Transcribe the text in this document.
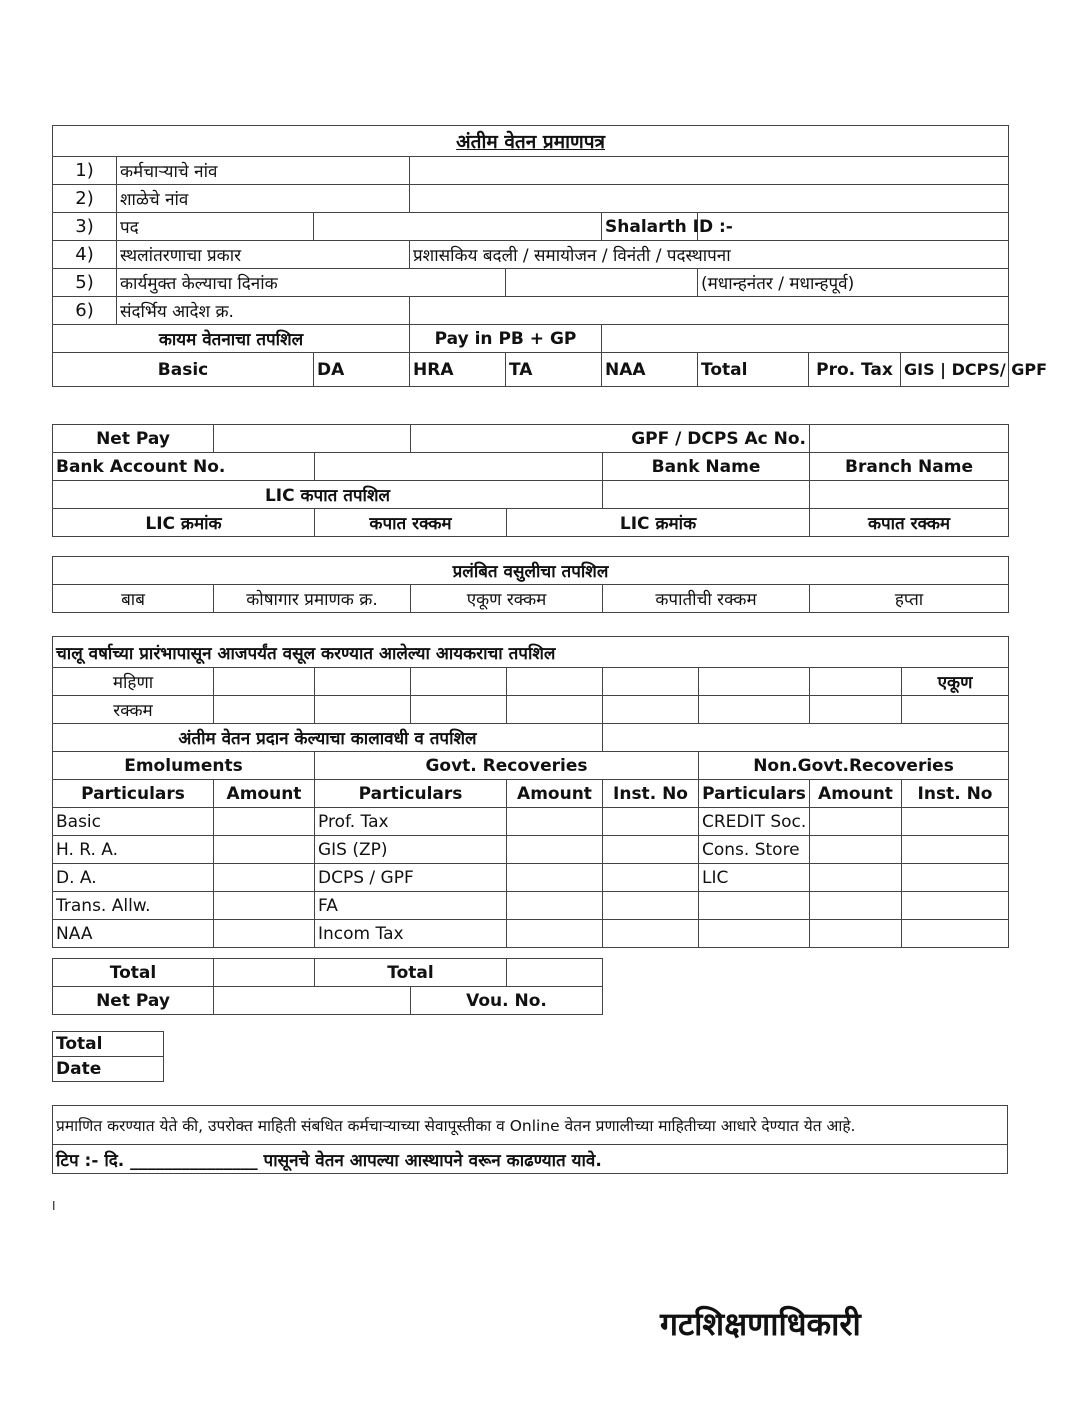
अंतीम वेतन प्रमाणपत्र								
1)	कर्मचाऱ्याचे नांव							
2)	शाळेचे नांव							
3)	पद				Shalarth ID :-			
4)	स्थलांतरणाचा प्रकार		प्रशासकिय बदली / समायोजन / विनंती / पदस्थापना					
5)	कार्यमुक्त केल्याचा दिनांक					(मधान्हनंतर / मधान्हपूर्व)		
6)	संदर्भिय आदेश क्र.							
कायम वेतनाचा तपशिल			Pay in PB + GP					
Basic		DA	HRA	TA	NAA	Total	Pro. Tax	GIS | DCPS/ GPF
Net Pay			GPF / DCPS Ac No.			
Bank Account No.					Bank Name	Branch Name
LIC कपात तपशिल						
LIC क्रमांक		कपात रक्कम		LIC क्रमांक		कपात रक्कम
प्रलंबित वसुलीचा तपशिल
बाब	कोषागार प्रमाणक क्र.	एकूण रक्कम	कपातीची रक्कम	हप्ता
चालू वर्षाच्या प्रारंभापासून आजपर्यंत वसूल करण्यात आलेल्या आयकराचा तपशिल								
महिणा								एकूण
रक्कम								
अंतीम वेतन प्रदान केल्याचा कालावधी व तपशिल								
Emoluments		Govt. Recoveries				Non.Govt.Recoveries		
Particulars	Amount	Particulars		Amount	Inst. No	Particulars	Amount	Inst. No
Basic		Prof. Tax				CREDIT Soc.		
H. R. A.		GIS (ZP)				Cons. Store		
D. A.		DCPS / GPF				LIC		
Trans. Allw.		FA						
NAA		Incom Tax						
Total		Total		
Net Pay			Vou. No.	
Total
Date
प्रमाणित करण्यात येते की, उपरोक्त माहिती संबधित कर्मचाऱ्याच्या सेवापूस्तीका व Online वेतन प्रणालीच्या माहितीच्या आधारे देण्यात येत आहे.
टिप :- दि. _______________ पासूनचे वेतन आपल्या आस्थापने वरून काढण्यात यावे.
׀
गटशिक्षणाधिकारी
